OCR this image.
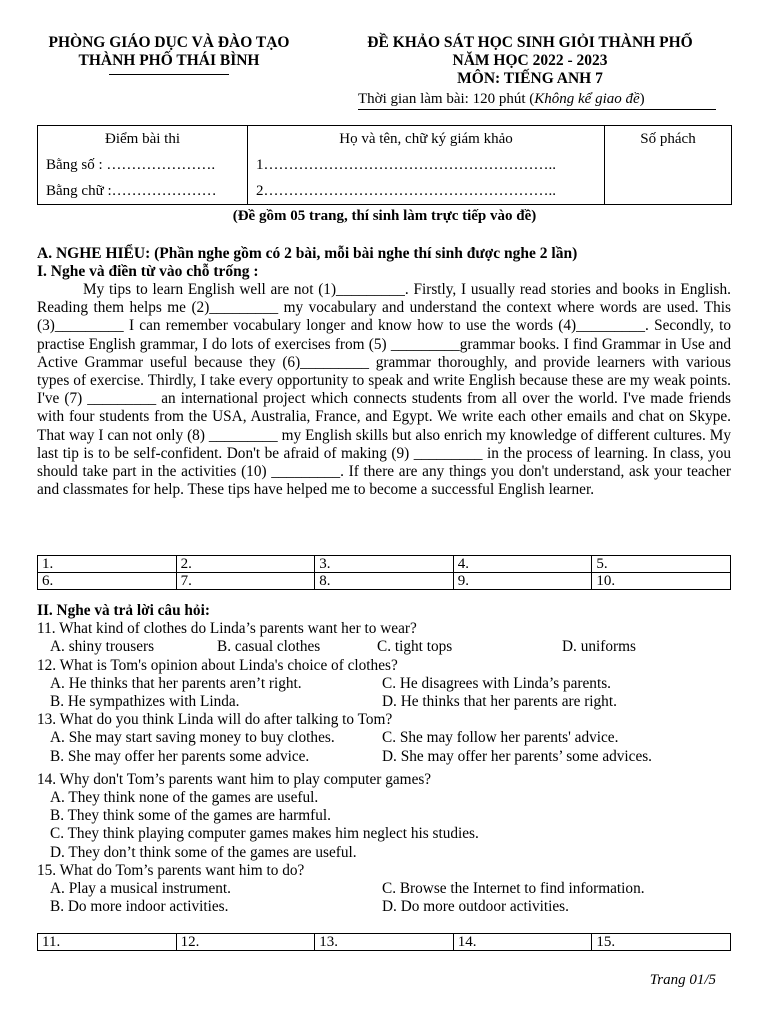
PHÒNG GIÁO DỤC VÀ ĐÀO TẠO
THÀNH PHỐ THÁI BÌNH
ĐỀ KHẢO SÁT HỌC SINH GIỎI THÀNH PHỐ
NĂM HỌC 2022 - 2023
MÔN: TIẾNG ANH 7
Thời gian làm bài: 120 phút (Không kể giao đề)
Điểm bài thi
Bằng số : ………………….
Bằng chữ :…………………

Họ và tên, chữ ký giám khảo
1…………………………………………………..
2…………………………………………………..

Số phách
(Đề gồm 05 trang, thí sinh làm trực tiếp vào đề)
A. NGHE HIỂU: (Phần nghe gồm có 2 bài, mỗi bài nghe thí sinh được nghe 2 lần)
I. Nghe và điền từ vào chỗ trống :
My tips to learn English well are not (1)_________. Firstly, I usually read stories and books in English. Reading them helps me (2)_________ my vocabulary and understand the context where words are used. This (3)_________ I can remember vocabulary longer and know how to use the words (4)_________. Secondly, to practise English grammar, I do lots of exercises from (5) _________grammar books. I find Grammar in Use and Active Grammar useful because they (6)_________ grammar thoroughly, and provide learners with various types of exercise. Thirdly, I take every opportunity to speak and write English because these are my weak points. I've (7) _________ an international project which connects students from all over the world. I've made friends with four students from the USA, Australia, France, and Egypt. We write each other emails and chat on Skype. That way I can not only (8) _________ my English skills but also enrich my knowledge of different cultures. My last tip is to be self-confident. Don't be afraid of making (9) _________ in the process of learning. In class, you should take part in the activities (10) _________. If there are any things you don't understand, ask your teacher and classmates for help. These tips have helped me to become a successful English learner.
1.	2.	3.	4.	5.
6.	7.	8.	9.	10.
II. Nghe và trả lời câu hỏi:
11. What kind of clothes do Linda’s parents want her to wear?
A. shiny trousers	B. casual clothes	C. tight tops	D. uniforms
12. What is Tom's opinion about Linda's choice of clothes?
A. He thinks that her parents aren’t right.	C. He disagrees with Linda’s parents.
B. He sympathizes with Linda.	D. He thinks that her parents are right.
13. What do you think Linda will do after talking to Tom?
A. She may start saving money to buy clothes.	C. She may follow her parents' advice.
B. She may offer her parents some advice.	D. She may offer her parents’ some advices.
14. Why don't Tom’s parents want him to play computer games?
A. They think none of the games are useful.
B. They think some of the games are harmful.
C. They think playing computer games makes him neglect his studies.
D. They don’t think some of the games are useful.
15. What do Tom’s parents want him to do?
A. Play a musical instrument.	C. Browse the Internet to find information.
B. Do more indoor activities.	D. Do more outdoor activities.
11.	12.	13.	14.	15.
Trang 01/5
